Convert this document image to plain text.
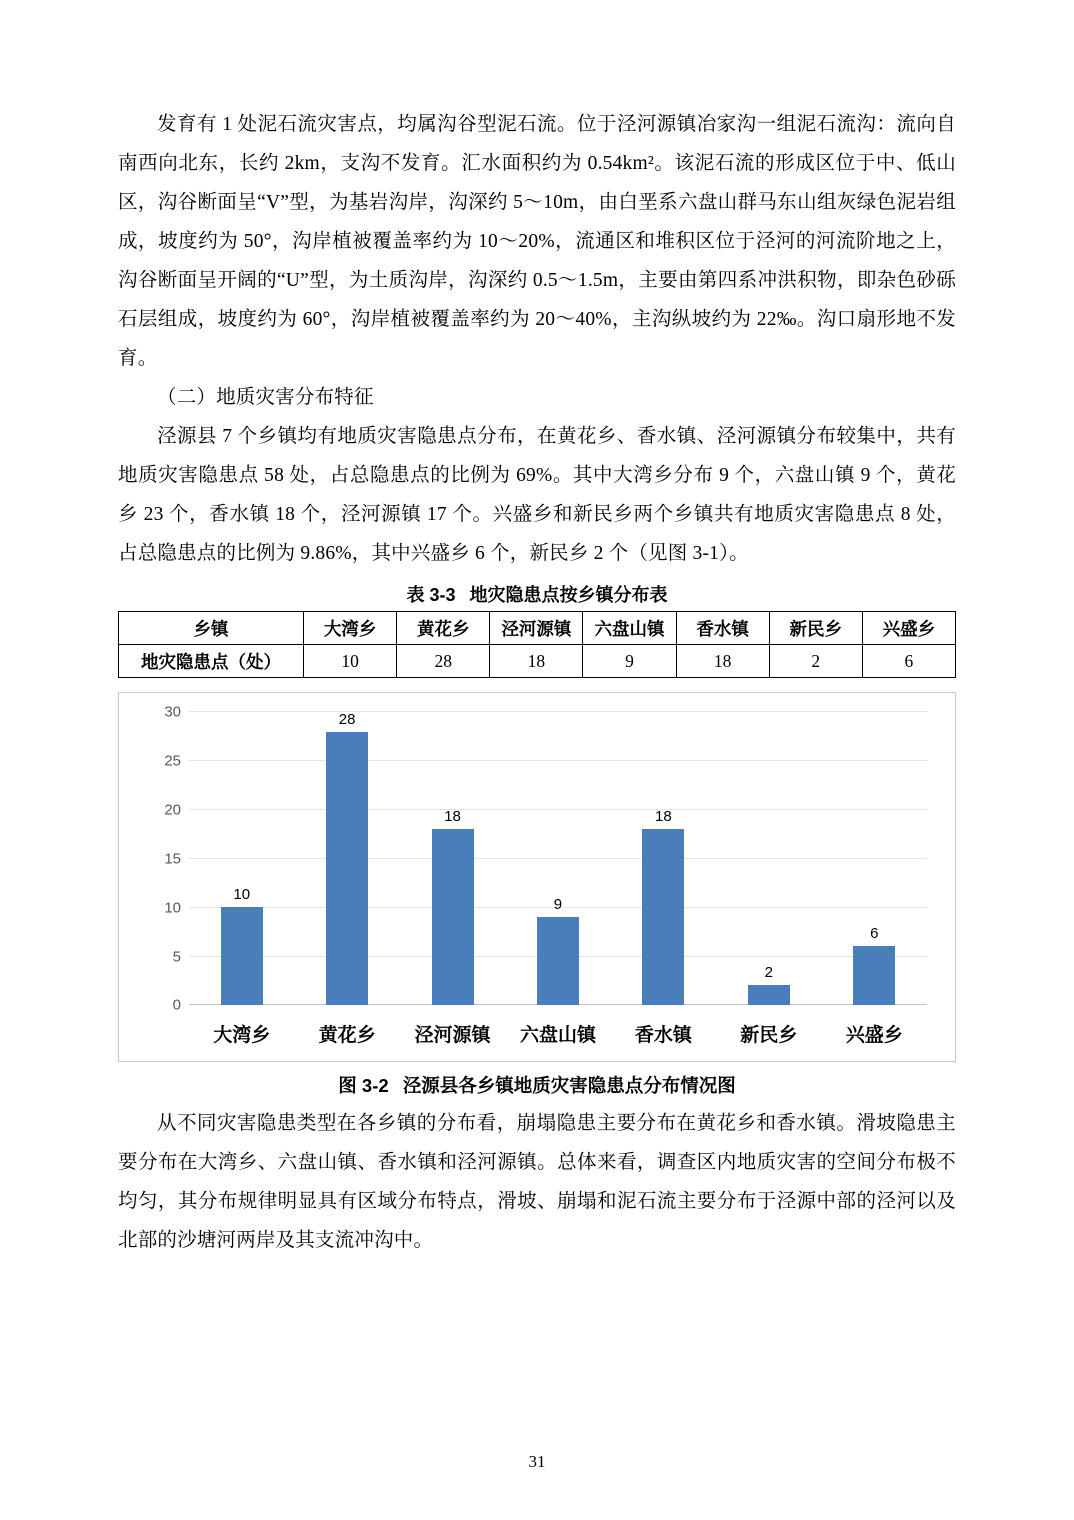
发育有 1 处泥石流灾害点，均属沟谷型泥石流。位于泾河源镇冶家沟一组泥石流沟：流向自南西向北东，长约 2km，支沟不发育。汇水面积约为 0.54km²。该泥石流的形成区位于中、低山区，沟谷断面呈“V”型，为基岩沟岸，沟深约 5～10m，由白垩系六盘山群马东山组灰绿色泥岩组成，坡度约为 50°，沟岸植被覆盖率约为 10～20%，流通区和堆积区位于泾河的河流阶地之上，沟谷断面呈开阔的“U”型，为土质沟岸，沟深约 0.5～1.5m，主要由第四系冲洪积物，即杂色砂砾石层组成，坡度约为 60°，沟岸植被覆盖率约为 20～40%，主沟纵坡约为 22‰。沟口扇形地不发育。

（二）地质灾害分布特征

泾源县 7 个乡镇均有地质灾害隐患点分布，在黄花乡、香水镇、泾河源镇分布较集中，共有地质灾害隐患点 58 处，占总隐患点的比例为 69%。其中大湾乡分布 9 个，六盘山镇 9 个，黄花乡 23 个，香水镇 18 个，泾河源镇 17 个。兴盛乡和新民乡两个乡镇共有地质灾害隐患点 8 处，占总隐患点的比例为 9.86%，其中兴盛乡 6 个，新民乡 2 个（见图 3-1）。

表 3-3 地灾隐患点按乡镇分布表
乡镇	大湾乡	黄花乡	泾河源镇	六盘山镇	香水镇	新民乡	兴盛乡
地灾隐患点（处）	10	28	18	9	18	2	6
30
25
20
15
10
5
0
10
28
18
9
18
2
6
大湾乡	黄花乡	泾河源镇	六盘山镇	香水镇	新民乡	兴盛乡
图 3-2 泾源县各乡镇地质灾害隐患点分布情况图

从不同灾害隐患类型在各乡镇的分布看，崩塌隐患主要分布在黄花乡和香水镇。滑坡隐患主要分布在大湾乡、六盘山镇、香水镇和泾河源镇。总体来看，调查区内地质灾害的空间分布极不均匀，其分布规律明显具有区域分布特点，滑坡、崩塌和泥石流主要分布于泾源中部的泾河以及北部的沙塘河两岸及其支流冲沟中。

31
